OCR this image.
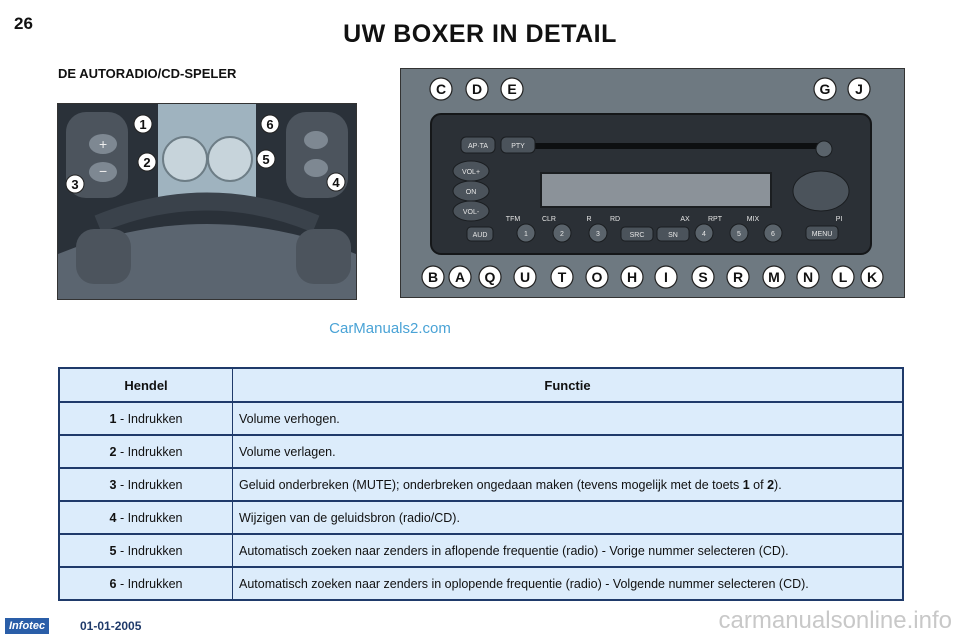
26	UW BOXER IN DETAIL
DE AUTORADIO/CD-SPELER
+
−
1
2
3	4
5
6
AP·TA	PTY
VOL+
ON
VOL-
AUD	SRC	SN	MENU
TFM	CLR	R	RD	AX	RPT	MIX	PI
1	2	3	4	5	6
C D E	G J
B A Q U T O H I S R M N L K
CarManuals2.com
Hendel	Functie
1 - Indrukken	Volume verhogen.
2 - Indrukken	Volume verlagen.
3 - Indrukken	Geluid onderbreken (MUTE); onderbreken ongedaan maken (tevens mogelijk met de toets 1 of 2).
4 - Indrukken	Wijzigen van de geluidsbron (radio/CD).
5 - Indrukken	Automatisch zoeken naar zenders in aflopende frequentie (radio) - Vorige nummer selecteren (CD).
6 - Indrukken	Automatisch zoeken naar zenders in oplopende frequentie (radio) - Volgende nummer selecteren (CD).
Infotec	01-01-2005	carmanualsonline.info
